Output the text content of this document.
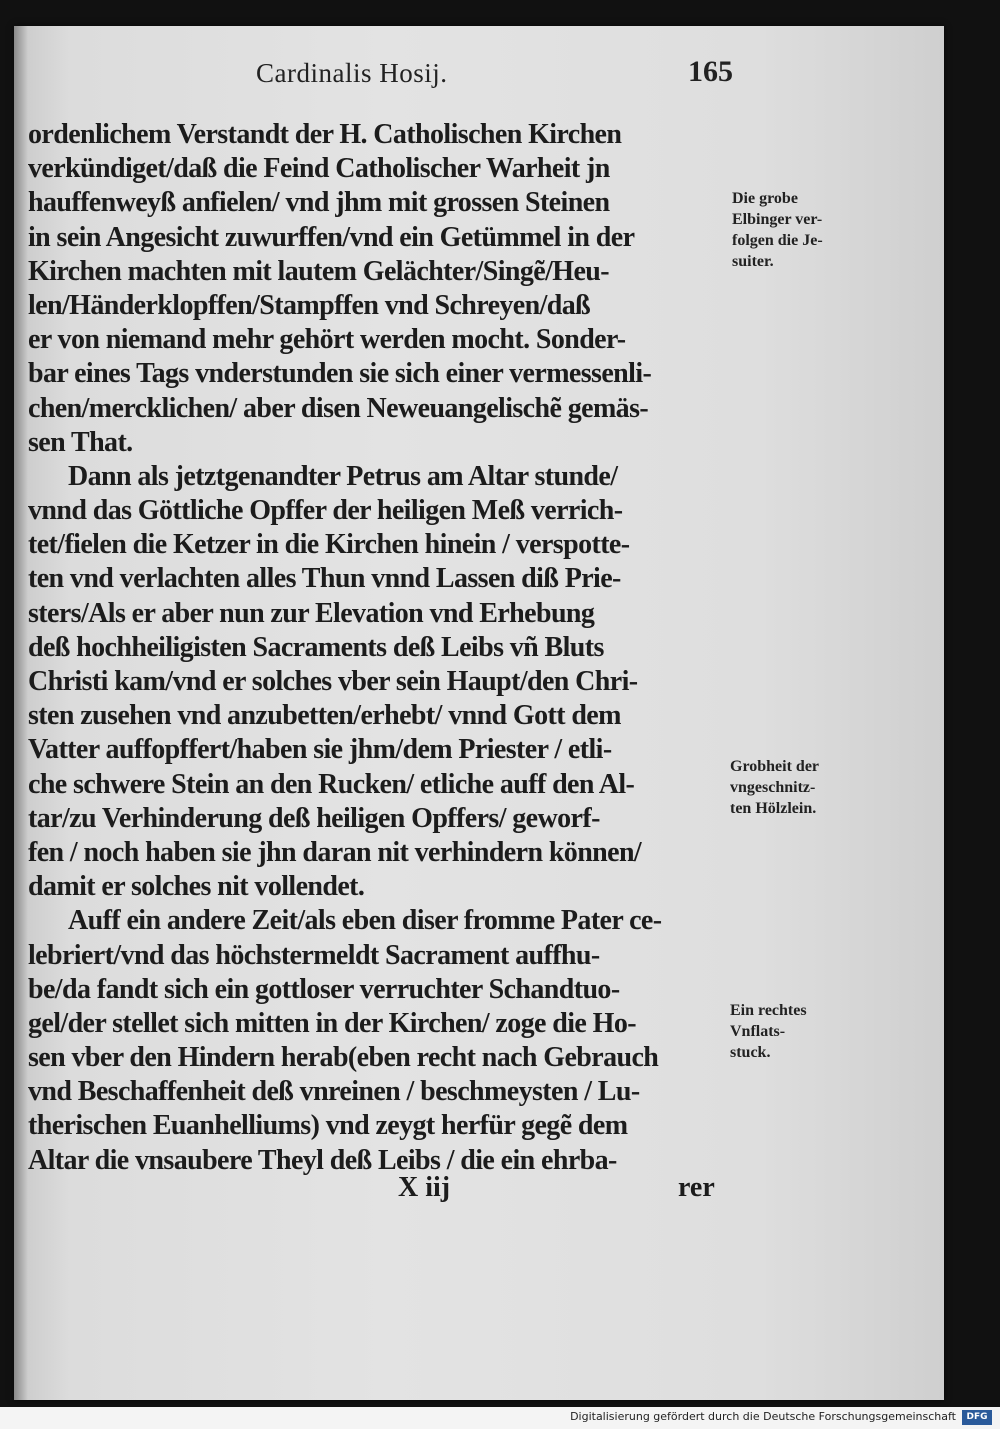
Cardinalis Hosij.	165
ordenlichem Verstandt der H. Catholischen Kirchen
verkündiget/daß die Feind Catholischer Warheit jn
hauffenweyß anfielen/ vnd jhm mit grossen Steinen
in sein Angesicht zuwurffen/vnd ein Getümmel in der
Kirchen machten mit lautem Gelächter/Singẽ/Heu-
len/Händerklopffen/Stampffen vnd Schreyen/daß
er von niemand mehr gehört werden mocht. Sonder-
bar eines Tags vnderstunden sie sich einer vermessenli-
chen/mercklichen/ aber disen Neweuangelischẽ gemäs-
sen That.
Dann als jetztgenandter Petrus am Altar stunde/
vnnd das Göttliche Opffer der heiligen Meß verrich-
tet/fielen die Ketzer in die Kirchen hinein / verspotte-
ten vnd verlachten alles Thun vnnd Lassen diß Prie-
sters/Als er aber nun zur Elevation vnd Erhebung
deß hochheiligisten Sacraments deß Leibs vñ Bluts
Christi kam/vnd er solches vber sein Haupt/den Chri-
sten zusehen vnd anzubetten/erhebt/ vnnd Gott dem
Vatter auffopffert/haben sie jhm/dem Priester / etli-
che schwere Stein an den Rucken/ etliche auff den Al-
tar/zu Verhinderung deß heiligen Opffers/ geworf-
fen / noch haben sie jhn daran nit verhindern können/
damit er solches nit vollendet.
Auff ein andere Zeit/als eben diser fromme Pater ce-
lebriert/vnd das höchstermeldt Sacrament auffhu-
be/da fandt sich ein gottloser verruchter Schandtuo-
gel/der stellet sich mitten in der Kirchen/ zoge die Ho-
sen vber den Hindern herab(eben recht nach Gebrauch
vnd Beschaffenheit deß vnreinen / beschmeysten / Lu-
therischen Euanhelliums) vnd zeygt herfür gegẽ dem
Altar die vnsaubere Theyl deß Leibs / die ein ehrba-
Die grobe
Elbinger ver-
folgen die Je-
suiter.
Grobheit der
vngeschnitz-
ten Hölzlein.
Ein rechtes
Vnflats-
stuck.
X iij	rer
Digitalisierung gefördert durch die Deutsche Forschungsgemeinschaft	DFG
